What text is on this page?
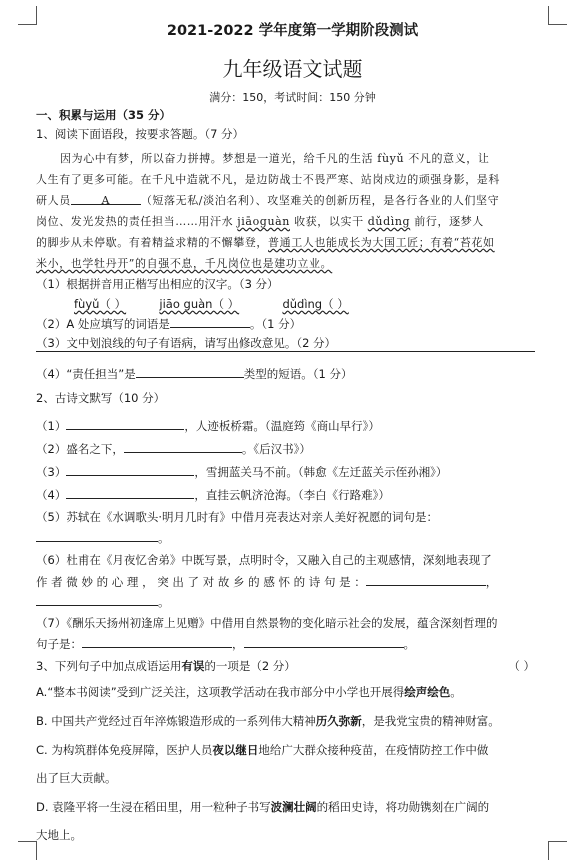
2021-2022 学年度第一学期阶段测试
九年级语文试题
满分：150，考试时间：150 分钟
一、积累与运用（35 分）
1、阅读下面语段，按要求答题。（7 分）
因为心中有梦，所以奋力拼搏。梦想是一道光，给千凡的生活 fùyǔ 不凡的意义，让
人生有了更多可能。在千凡中造就不凡，是边防战士不畏严寒、站岗戍边的顽强身影，是科
研人员	A	（短落无私/淡泊名利）、攻坚难关的创新历程，是各行各业的人们坚守
岗位、发光发热的责任担当……用汗水 jiāoguàn 收获，以实干 dǔdìng 前行，逐梦人
的脚步从未停歇。有着精益求精的不懈攀登，普通工人也能成长为大国工匠；有着“苔花如
米小，也学牡丹开”的自强不息，千凡岗位也是建功立业。
（1）根据拼音用正楷写出相应的汉字。（3 分）
fùyǔ（ ）	jiāo guàn（ ）	dǔdìng（ ）
（2）A 处应填写的词语是	。（1 分）
（3）文中划浪线的句子有语病，请写出修改意见。（2 分）
（4）“责任担当”是	类型的短语。（1 分）
2、古诗文默写（10 分）
（1）	，人迹板桥霜。（温庭筠《商山早行》）
（2）盛名之下，	。《后汉书》）
（3）	，雪拥蓝关马不前。（韩愈《左迁蓝关示侄孙湘》）
（4）	，直挂云帆济沧海。（李白《行路难》）
（5）苏轼在《水调歌头·明月几时有》中借月亮表达对亲人美好祝愿的词句是：
。
（6）杜甫在《月夜忆舍弟》中既写景，点明时令，又融入自己的主观感情，深刻地表现了
作 者 微 妙 的 心 理 ， 突 出 了 对 故 乡 的 感 怀 的 诗 句 是 ：	，
。
（7）《酬乐天扬州初逢席上见赠》中借用自然景物的变化暗示社会的发展，蕴含深刻哲理的
句子是：	，	。
3、下列句子中加点成语运用有误的一项是（2 分）	（ ）
A.“整本书阅读”受到广泛关注，这项教学活动在我市部分中小学也开展得绘声绘色。
B. 中国共产党经过百年淬炼锻造形成的一系列伟大精神历久弥新，是我党宝贵的精神财富。
C. 为构筑群体免疫屏障，医护人员夜以继日地给广大群众接种疫苗，在疫情防控工作中做
出了巨大贡献。
D. 袁隆平将一生浸在稻田里，用一粒种子书写波澜壮阔的稻田史诗，将功勋镌刻在广阔的
大地上。
